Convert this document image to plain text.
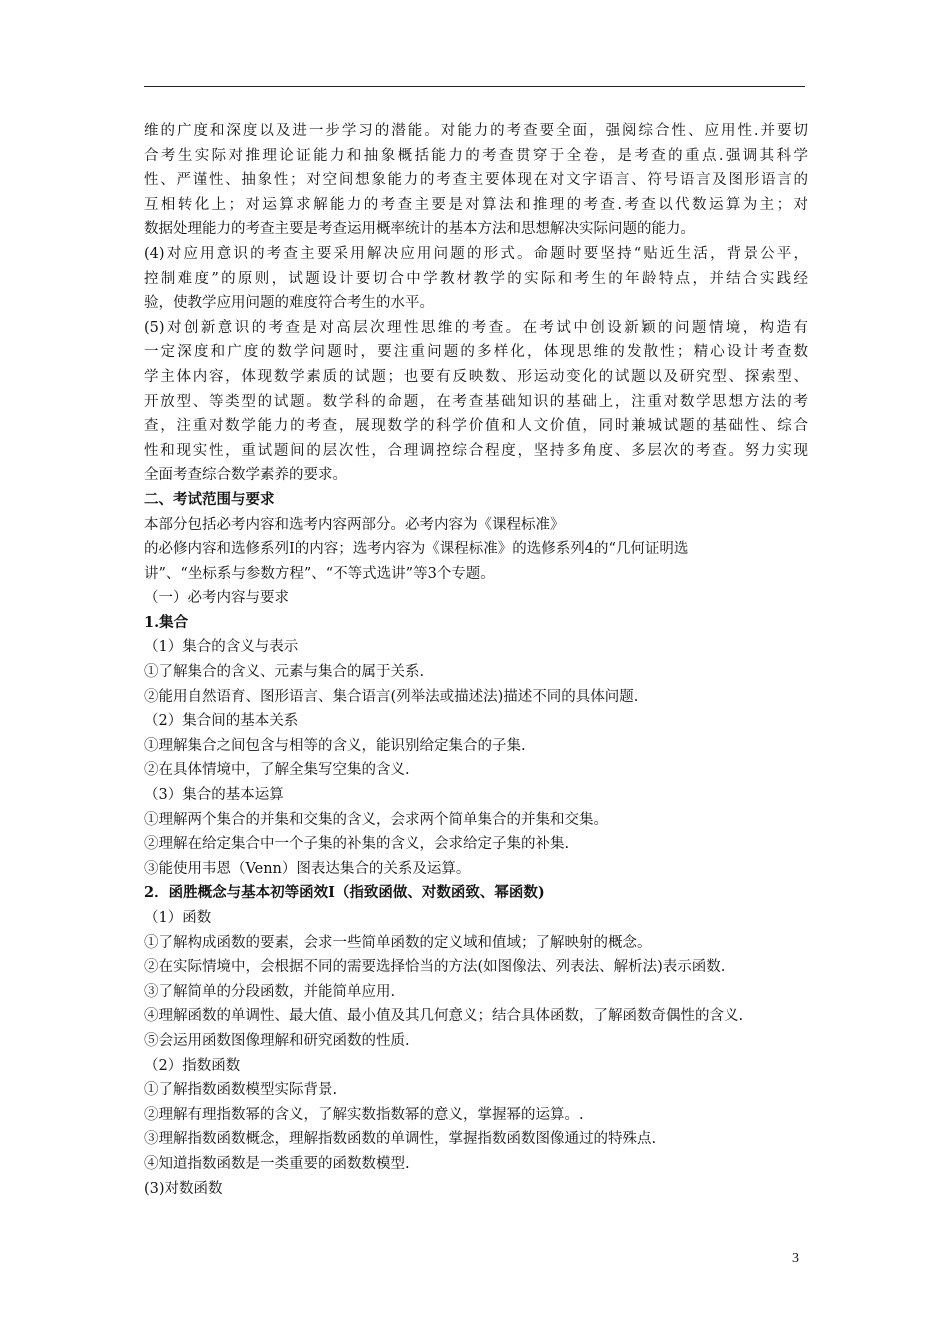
维的广度和深度以及进一步学习的潜能。对能力的考查要全面，强阅综合性、应用性.并要切
合考生实际对推理论证能力和抽象概括能力的考查贯穿于全卷，是考查的重点.强调其科学
性、严谨性、抽象性；对空间想象能力的考查主要体现在对文字语言、符号语言及图形语言的
互相转化上；对运算求解能力的考查主要是对算法和推理的考查.考查以代数运算为主；对
数据处理能力的考查主要是考查运用概率统计的基本方法和思想解决实际问题的能力。
(4)对应用意识的考查主要采用解决应用问题的形式。命题时要坚持“贴近生活，背景公平，
控制难度”的原则，试题设计要切合中学教材教学的实际和考生的年龄特点，并结合实践经
验，使教学应用问题的难度符合考生的水平。
(5)对创新意识的考查是对高层次理性思维的考查。在考试中创设新颖的问题情境，构造有
一定深度和广度的数学问题时，要注重问题的多样化，体现思维的发散性；精心设计考查数
学主体内容，体现数学素质的试题；也要有反映数、形运动变化的试题以及研究型、探索型、
开放型、等类型的试题。数学科的命题，在考查基础知识的基础上，注重对数学思想方法的考
查，注重对数学能力的考查，展现数学的科学价值和人文价值，同时兼城试题的基础性、综合
性和现实性，重试题间的层次性，合理调控综合程度，坚持多角度、多层次的考查。努力实现
全面考查综合数学素养的要求。
二、考试范围与要求
本部分包括必考内容和选考内容两部分。必考内容为《课程标准》
的必修内容和选修系列Ⅰ的内容；选考内容为《课程标准》的选修系列4的“几何证明选
讲”、“坐标系与参数方程”、“不等式选讲”等3个专题。
（一）必考内容与要求
1.集合
（1）集合的含义与表示
①了解集合的含义、元素与集合的属于关系.
②能用自然语育、图形语言、集合语言(列举法或描述法)描述不同的具体问题.
（2）集合间的基本关系
①理解集合之间包含与相等的含义，能识别给定集合的子集.
②在具体情境中，了解全集写空集的含义.
（3）集合的基本运算
①理解两个集合的并集和交集的含义，会求两个简单集合的并集和交集。
②理解在给定集合中一个子集的补集的含义，会求给定子集的补集.
③能使用韦恩（Venn）图表达集合的关系及运算。
2．函胜概念与基本初等函效Ⅰ（指致函做、对数函致、幂函数)
（1）函数
①了解构成函数的要素，会求一些简单函数的定义域和值域；了解映射的概念。
②在实际情境中，会根据不同的需要选择恰当的方法(如图像法、列表法、解析法)表示函数.
③了解简单的分段函数，并能简单应用.
④理解函数的单调性、最大值、最小值及其几何意义；结合具体函数，了解函数奇偶性的含义.
⑤会运用函数图像理解和研究函数的性质.
（2）指数函数
①了解指数函数模型实际背景.
②理解有理指数幂的含义，了解实数指数幂的意义，掌握幂的运算。.
③理解指数函数概念，理解指数函数的单调性，掌握指数函数图像通过的特殊点.
④知道指数函数是一类重要的函数数模型.
(3)对数函数
3
